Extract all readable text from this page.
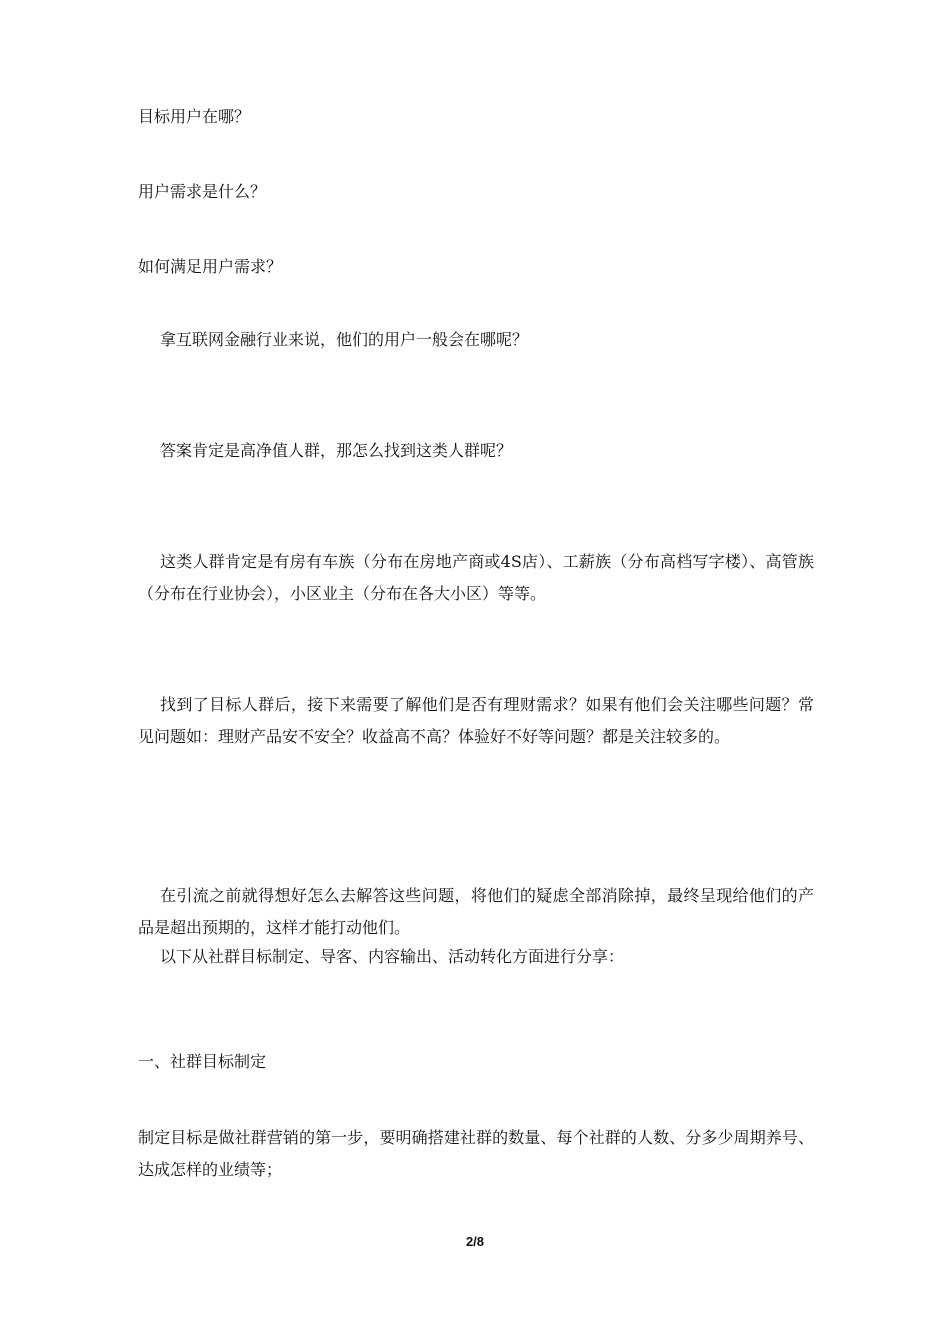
目标用户在哪？
用户需求是什么？
如何满足用户需求？
拿互联网金融行业来说，他们的用户一般会在哪呢？
答案肯定是高净值人群，那怎么找到这类人群呢？
这类人群肯定是有房有车族（分布在房地产商或4S店）、工薪族（分布高档写字楼）、高管族（分布在行业协会），小区业主（分布在各大小区）等等。
找到了目标人群后，接下来需要了解他们是否有理财需求？如果有他们会关注哪些问题？常见问题如：理财产品安不安全？收益高不高？体验好不好等问题？都是关注较多的。
在引流之前就得想好怎么去解答这些问题，将他们的疑虑全部消除掉，最终呈现给他们的产品是超出预期的，这样才能打动他们。
以下从社群目标制定、导客、内容输出、活动转化方面进行分享：
一、社群目标制定
制定目标是做社群营销的第一步，要明确搭建社群的数量、每个社群的人数、分多少周期养号、达成怎样的业绩等；
2/8
